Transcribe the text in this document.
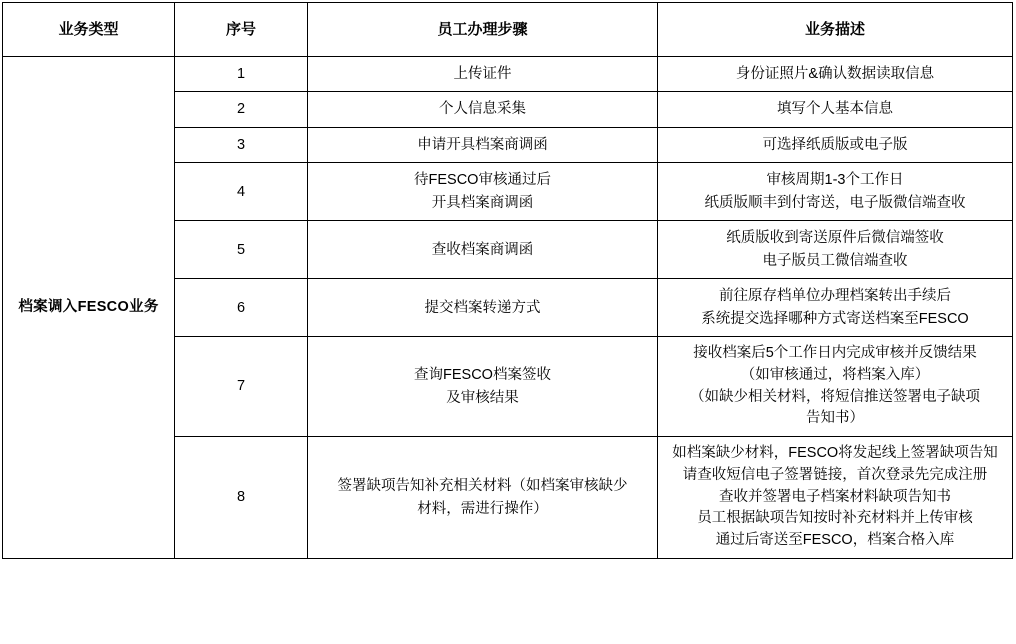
业务类型	序号	员工办理步骤	业务描述
档案调入FESCO业务	1	上传证件	身份证照片&确认数据读取信息

	2	个人信息采集	填写个人基本信息

	3	申请开具档案商调函	可选择纸质版或电子版

	4	待FESCO审核通过后
开具档案商调函	审核周期1-3个工作日
纸质版顺丰到付寄送，电子版微信端查收

	5	查收档案商调函	纸质版收到寄送原件后微信端签收
电子版员工微信端查收

	6	提交档案转递方式	前往原存档单位办理档案转出手续后
系统提交选择哪种方式寄送档案至FESCO

	7	查询FESCO档案签收
及审核结果	接收档案后5个工作日内完成审核并反馈结果
（如审核通过，将档案入库）
（如缺少相关材料，将短信推送签署电子缺项
告知书）

	8	签署缺项告知补充相关材料（如档案审核缺少
材料，需进行操作）	如档案缺少材料，FESCO将发起线上签署缺项告知
请查收短信电子签署链接，首次登录先完成注册
查收并签署电子档案材料缺项告知书
员工根据缺项告知按时补充材料并上传审核
通过后寄送至FESCO，档案合格入库
